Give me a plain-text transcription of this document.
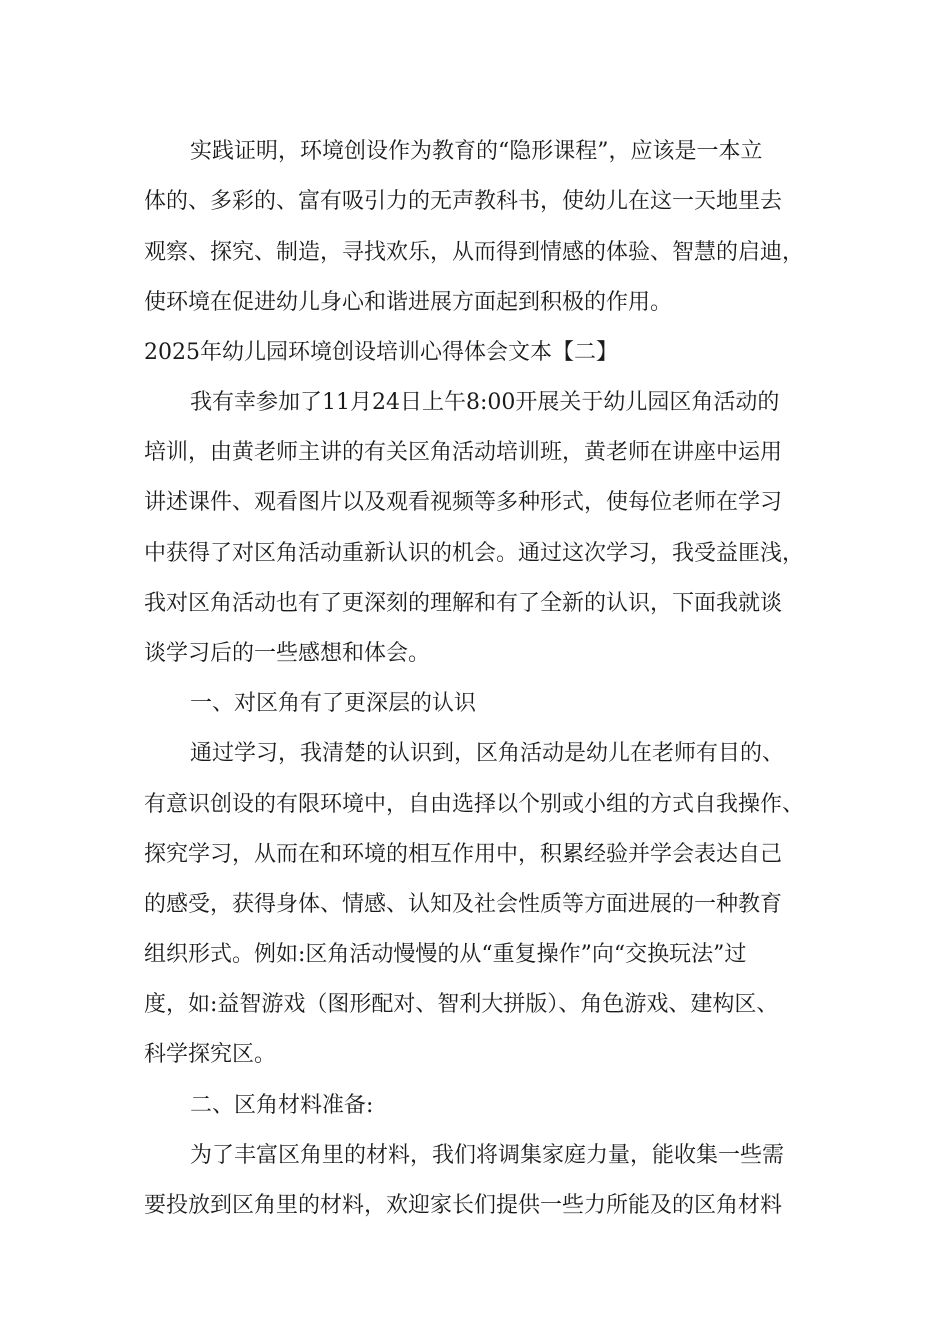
实践证明，环境创设作为教育的“隐形课程”，应该是一本立
体的、多彩的、富有吸引力的无声教科书，使幼儿在这一天地里去
观察、探究、制造，寻找欢乐，从而得到情感的体验、智慧的启迪，
使环境在促进幼儿身心和谐进展方面起到积极的作用。
2025年幼儿园环境创设培训心得体会文本【二】
我有幸参加了11月24日上午8:00开展关于幼儿园区角活动的
培训，由黄老师主讲的有关区角活动培训班，黄老师在讲座中运用
讲述课件、观看图片以及观看视频等多种形式，使每位老师在学习
中获得了对区角活动重新认识的机会。通过这次学习，我受益匪浅，
我对区角活动也有了更深刻的理解和有了全新的认识，下面我就谈
谈学习后的一些感想和体会。
一、对区角有了更深层的认识
通过学习，我清楚的认识到，区角活动是幼儿在老师有目的、
有意识创设的有限环境中，自由选择以个别或小组的方式自我操作、
探究学习，从而在和环境的相互作用中，积累经验并学会表达自己
的感受，获得身体、情感、认知及社会性质等方面进展的一种教育
组织形式。例如:区角活动慢慢的从“重复操作”向“交换玩法”过
度，如:益智游戏（图形配对、智利大拼版）、角色游戏、建构区、
科学探究区。
二、区角材料准备:
为了丰富区角里的材料，我们将调集家庭力量，能收集一些需
要投放到区角里的材料，欢迎家长们提供一些力所能及的区角材料
